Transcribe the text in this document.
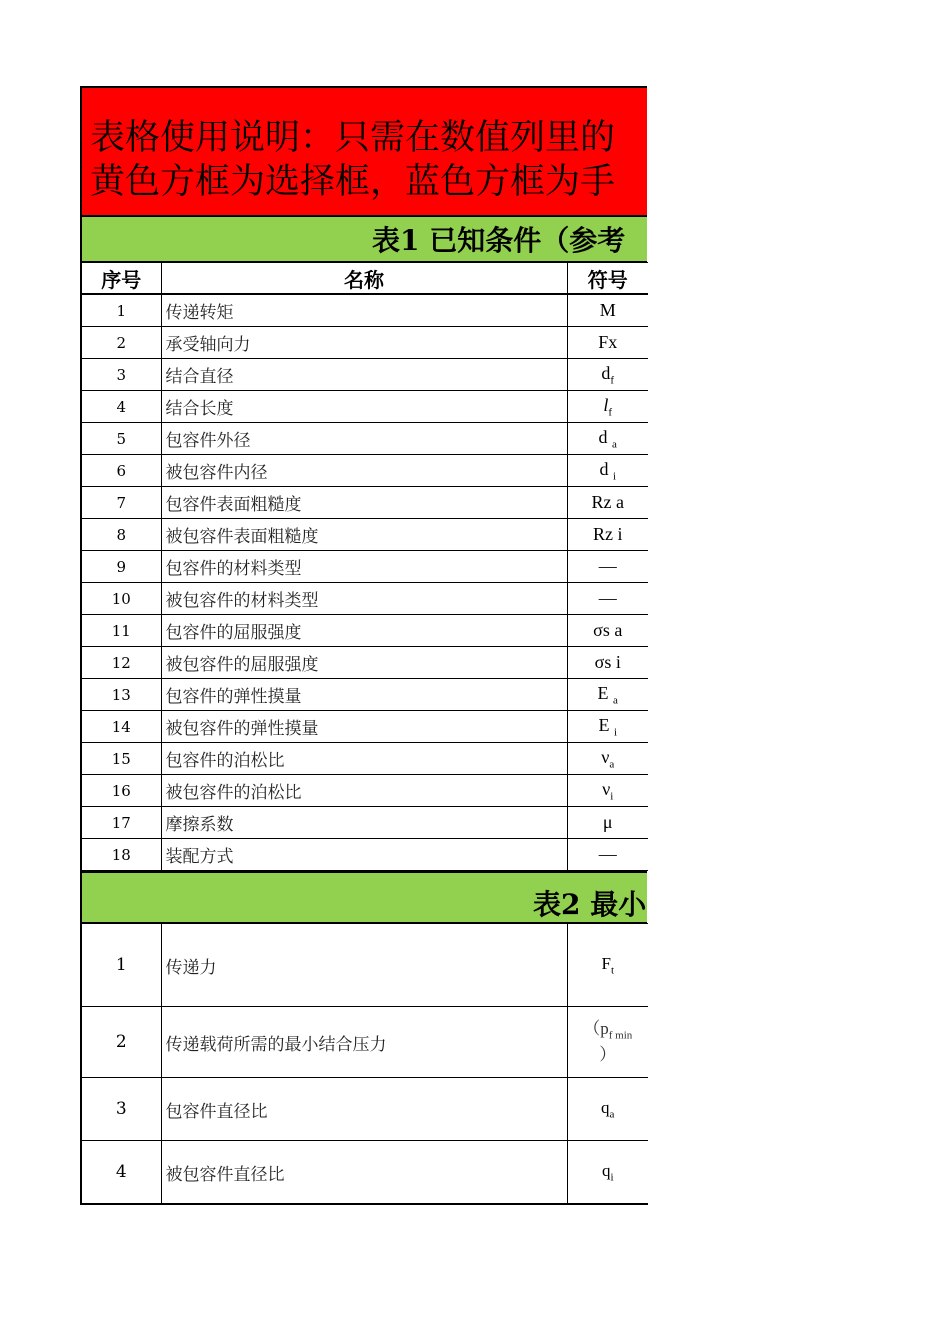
表格使用说明：只需在数值列里的
黄色方框为选择框，蓝色方框为手
表1 已知条件（参考
序号	名称	符号
1	传递转矩	M
2	承受轴向力	Fx
3	结合直径	$d_f$
4	结合长度	$l_f$
5	包容件外径	d $_a$
6	被包容件内径	d $_i$
7	包容件表面粗糙度	Rz a
8	被包容件表面粗糙度	Rz i
9	包容件的材料类型	—
10	被包容件的材料类型	—
11	包容件的屈服强度	σs a
12	被包容件的屈服强度	σs i
13	包容件的弹性摸量	E $_a$
14	被包容件的弹性摸量	E $_i$
15	包容件的泊松比	$\nu_a$
16	被包容件的泊松比	$\nu_i$
17	摩擦系数	μ
18	装配方式	—
表2 最小
1	传递力	$F_t$
2	传递载荷所需的最小结合压力	（$p_{f min}$
）
3	包容件直径比	$q_a$
4	被包容件直径比	$q_i$
